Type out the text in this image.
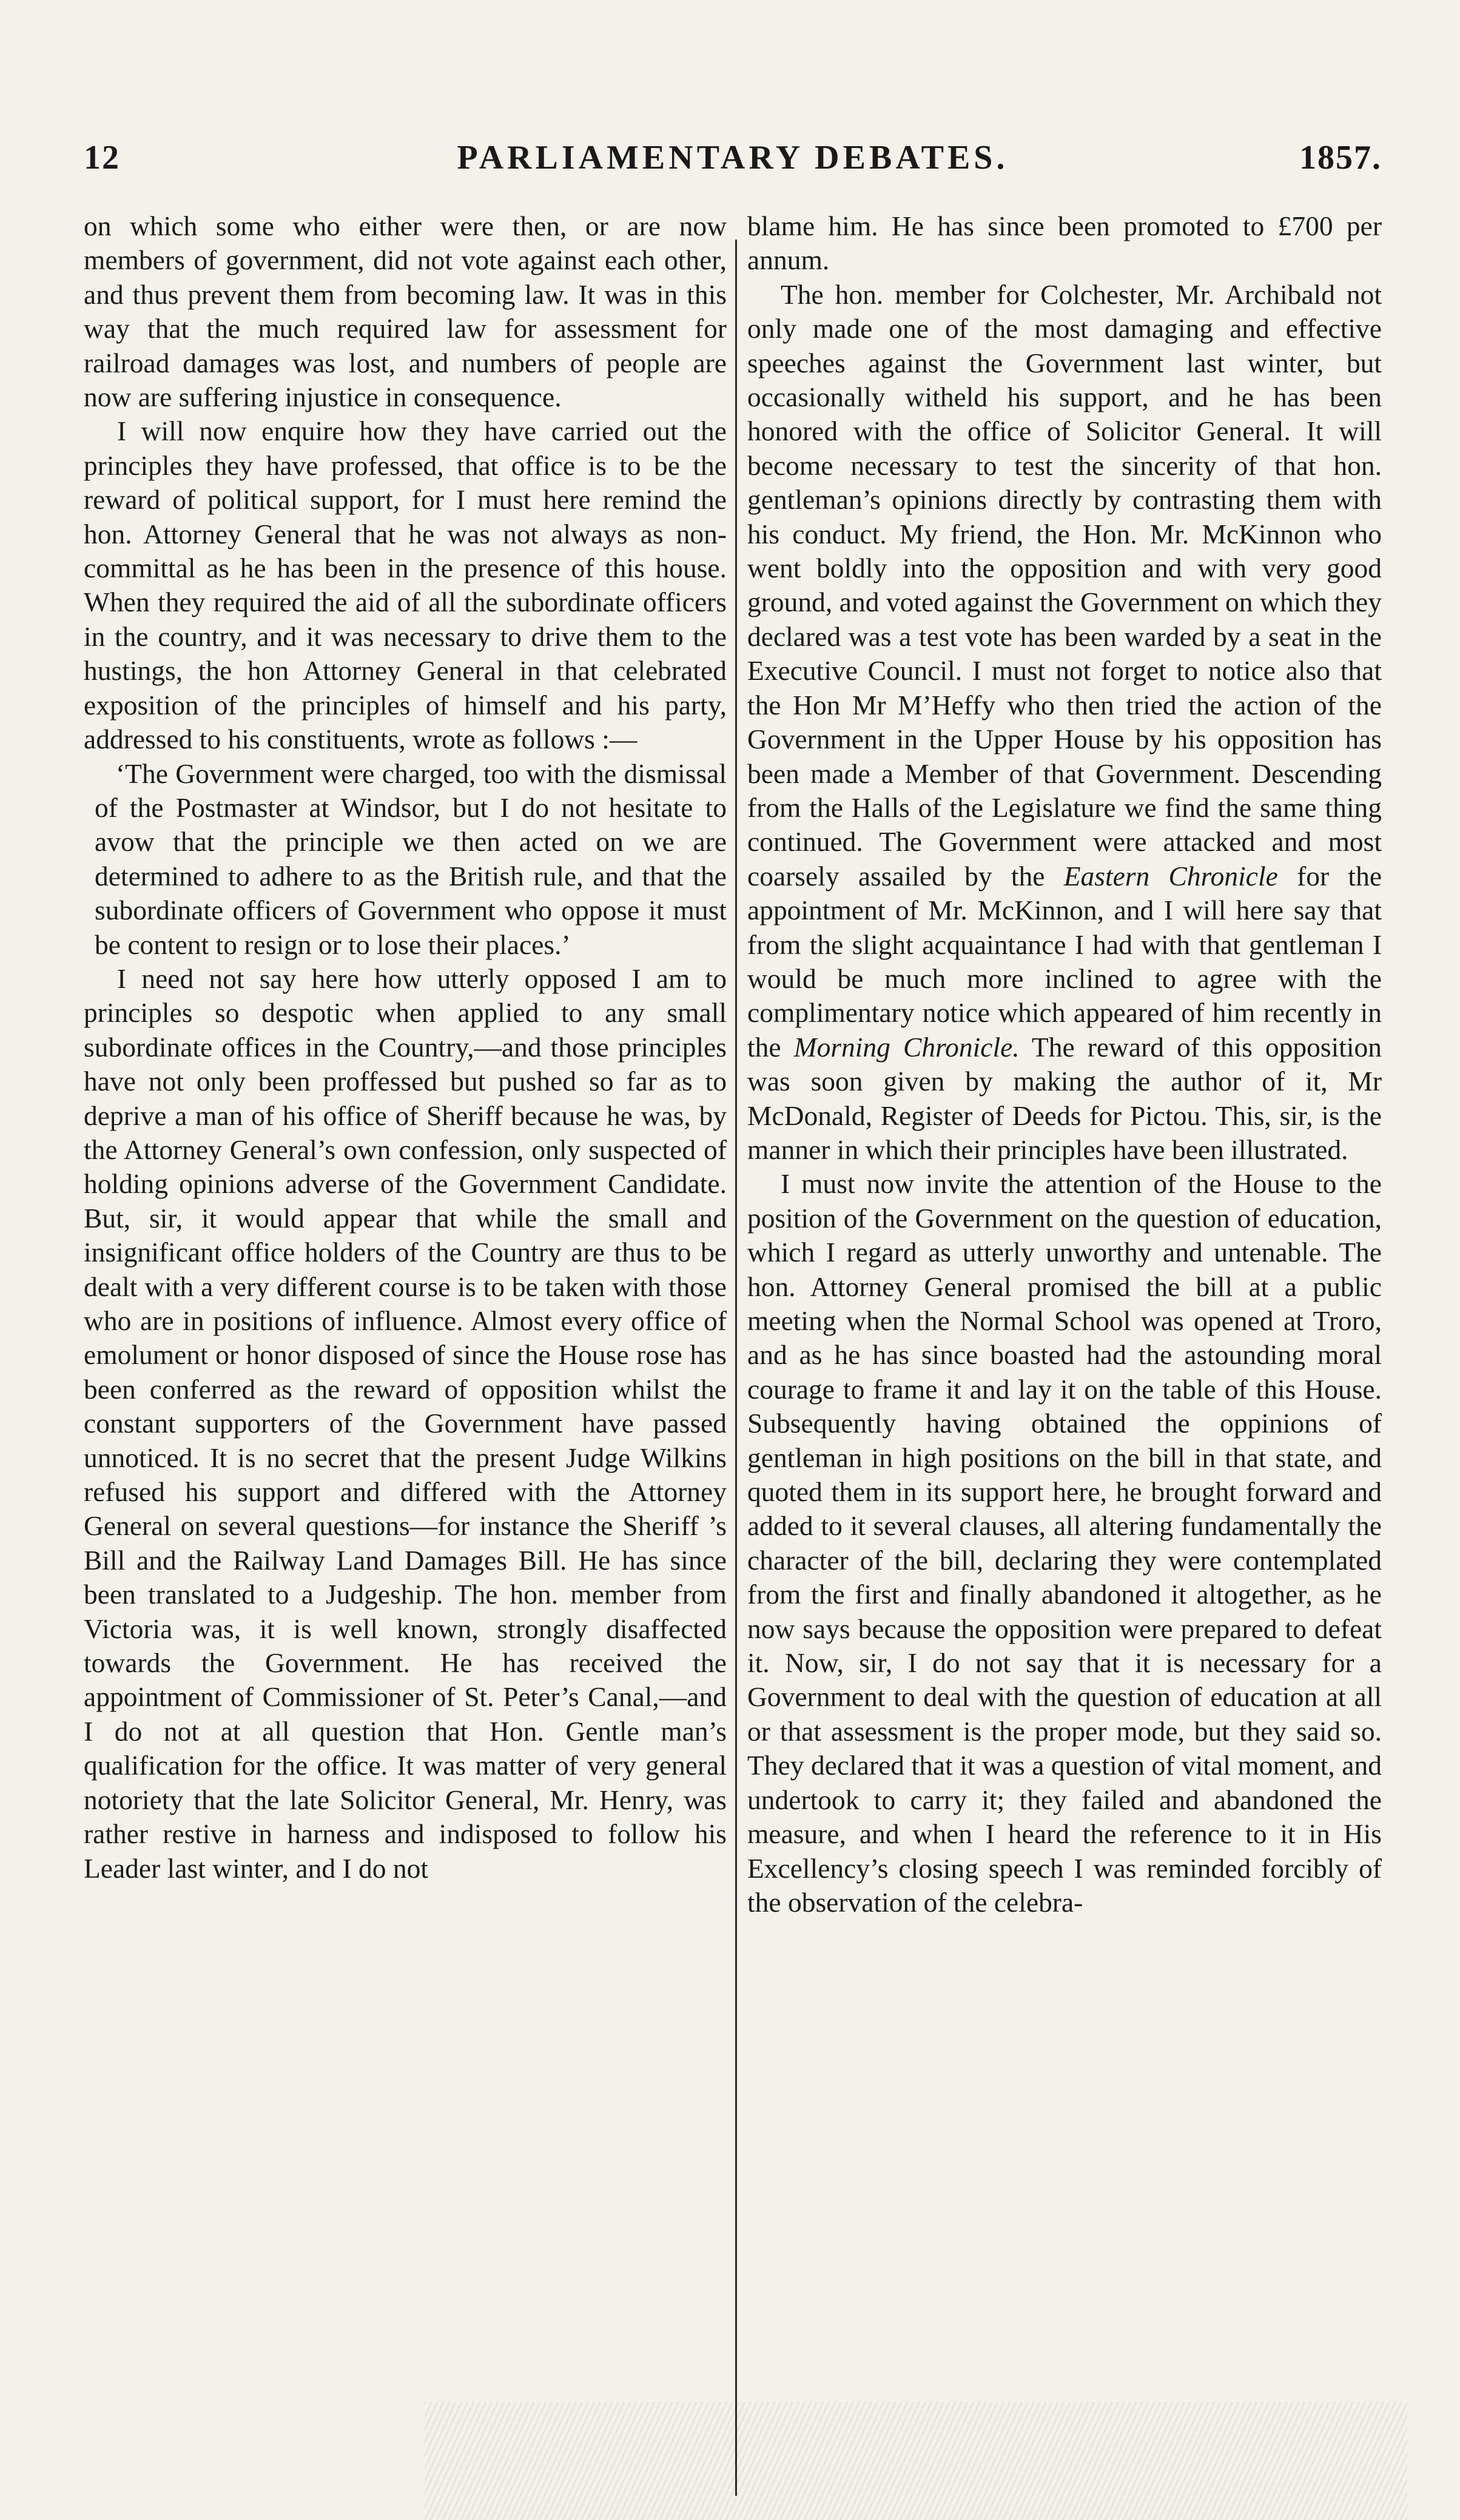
12	PARLIAMENTARY DEBATES.	1857.

on which some who either were then, or are now members of government, did not vote against each other, and thus prevent them from becoming law. It was in this way that the much required law for assessment for railroad damages was lost, and numbers of people are now are suffering injustice in consequence.

I will now enquire how they have carried out the principles they have professed, that office is to be the reward of political support, for I must here remind the hon. Attorney General that he was not always as non-committal as he has been in the presence of this house. When they required the aid of all the subordinate officers in the country, and it was necessary to drive them to the hustings, the hon Attorney General in that celebrated exposition of the principles of himself and his party, addressed to his constituents, wrote as follows :—

‘The Government were charged, too with the dismissal of the Postmaster at Windsor, but I do not hesitate to avow that the principle we then acted on we are determined to adhere to as the British rule, and that the subordinate officers of Government who oppose it must be content to resign or to lose their places.’

I need not say here how utterly opposed I am to principles so despotic when applied to any small subordinate offices in the Country,—and those principles have not only been proffessed but pushed so far as to deprive a man of his office of Sheriff because he was, by the Attorney General’s own confession, only suspected of holding opinions adverse of the Government Candidate. But, sir, it would appear that while the small and insignificant office holders of the Country are thus to be dealt with a very different course is to be taken with those who are in positions of influence. Almost every office of emolument or honor disposed of since the House rose has been conferred as the reward of opposition whilst the constant supporters of the Government have passed unnoticed. It is no secret that the present Judge Wilkins refused his support and differed with the Attorney General on several questions—for instance the Sheriff ’s Bill and the Railway Land Damages Bill. He has since been translated to a Judgeship. The hon. member from Victoria was, it is well known, strongly disaffected towards the Government. He has received the appointment of Commissioner of St. Peter’s Canal,—and I do not at all question that Hon. Gentle man’s qualification for the office. It was matter of very general notoriety that the late Solicitor General, Mr. Henry, was rather restive in harness and indisposed to follow his Leader last winter, and I do not

blame him. He has since been promoted to £700 per annum.

The hon. member for Colchester, Mr. Archibald not only made one of the most damaging and effective speeches against the Government last winter, but occasionally witheld his support, and he has been honored with the office of Solicitor General. It will become necessary to test the sincerity of that hon. gentleman’s opinions directly by contrasting them with his conduct. My friend, the Hon. Mr. McKinnon who went boldly into the opposition and with very good ground, and voted against the Government on which they declared was a test vote has been warded by a seat in the Executive Council. I must not forget to notice also that the Hon Mr M’Heffy who then tried the action of the Government in the Upper House by his opposition has been made a Member of that Government. Descending from the Halls of the Legislature we find the same thing continued. The Government were attacked and most coarsely assailed by the Eastern Chronicle for the appointment of Mr. McKinnon, and I will here say that from the slight acquaintance I had with that gentleman I would be much more inclined to agree with the complimentary notice which appeared of him recently in the Morning Chronicle. The reward of this opposition was soon given by making the author of it, Mr McDonald, Register of Deeds for Pictou. This, sir, is the manner in which their principles have been illustrated.

I must now invite the attention of the House to the position of the Government on the question of education, which I regard as utterly unworthy and untenable. The hon. Attorney General promised the bill at a public meeting when the Normal School was opened at Troro, and as he has since boasted had the astounding moral courage to frame it and lay it on the table of this House. Subsequently having obtained the oppinions of gentleman in high positions on the bill in that state, and quoted them in its support here, he brought forward and added to it several clauses, all altering fundamentally the character of the bill, declaring they were contemplated from the first and finally abandoned it altogether, as he now says because the opposition were prepared to defeat it. Now, sir, I do not say that it is necessary for a Government to deal with the question of education at all or that assessment is the proper mode, but they said so. They declared that it was a question of vital moment, and undertook to carry it; they failed and abandoned the measure, and when I heard the reference to it in His Excellency’s closing speech I was reminded forcibly of the observation of the celebra-
